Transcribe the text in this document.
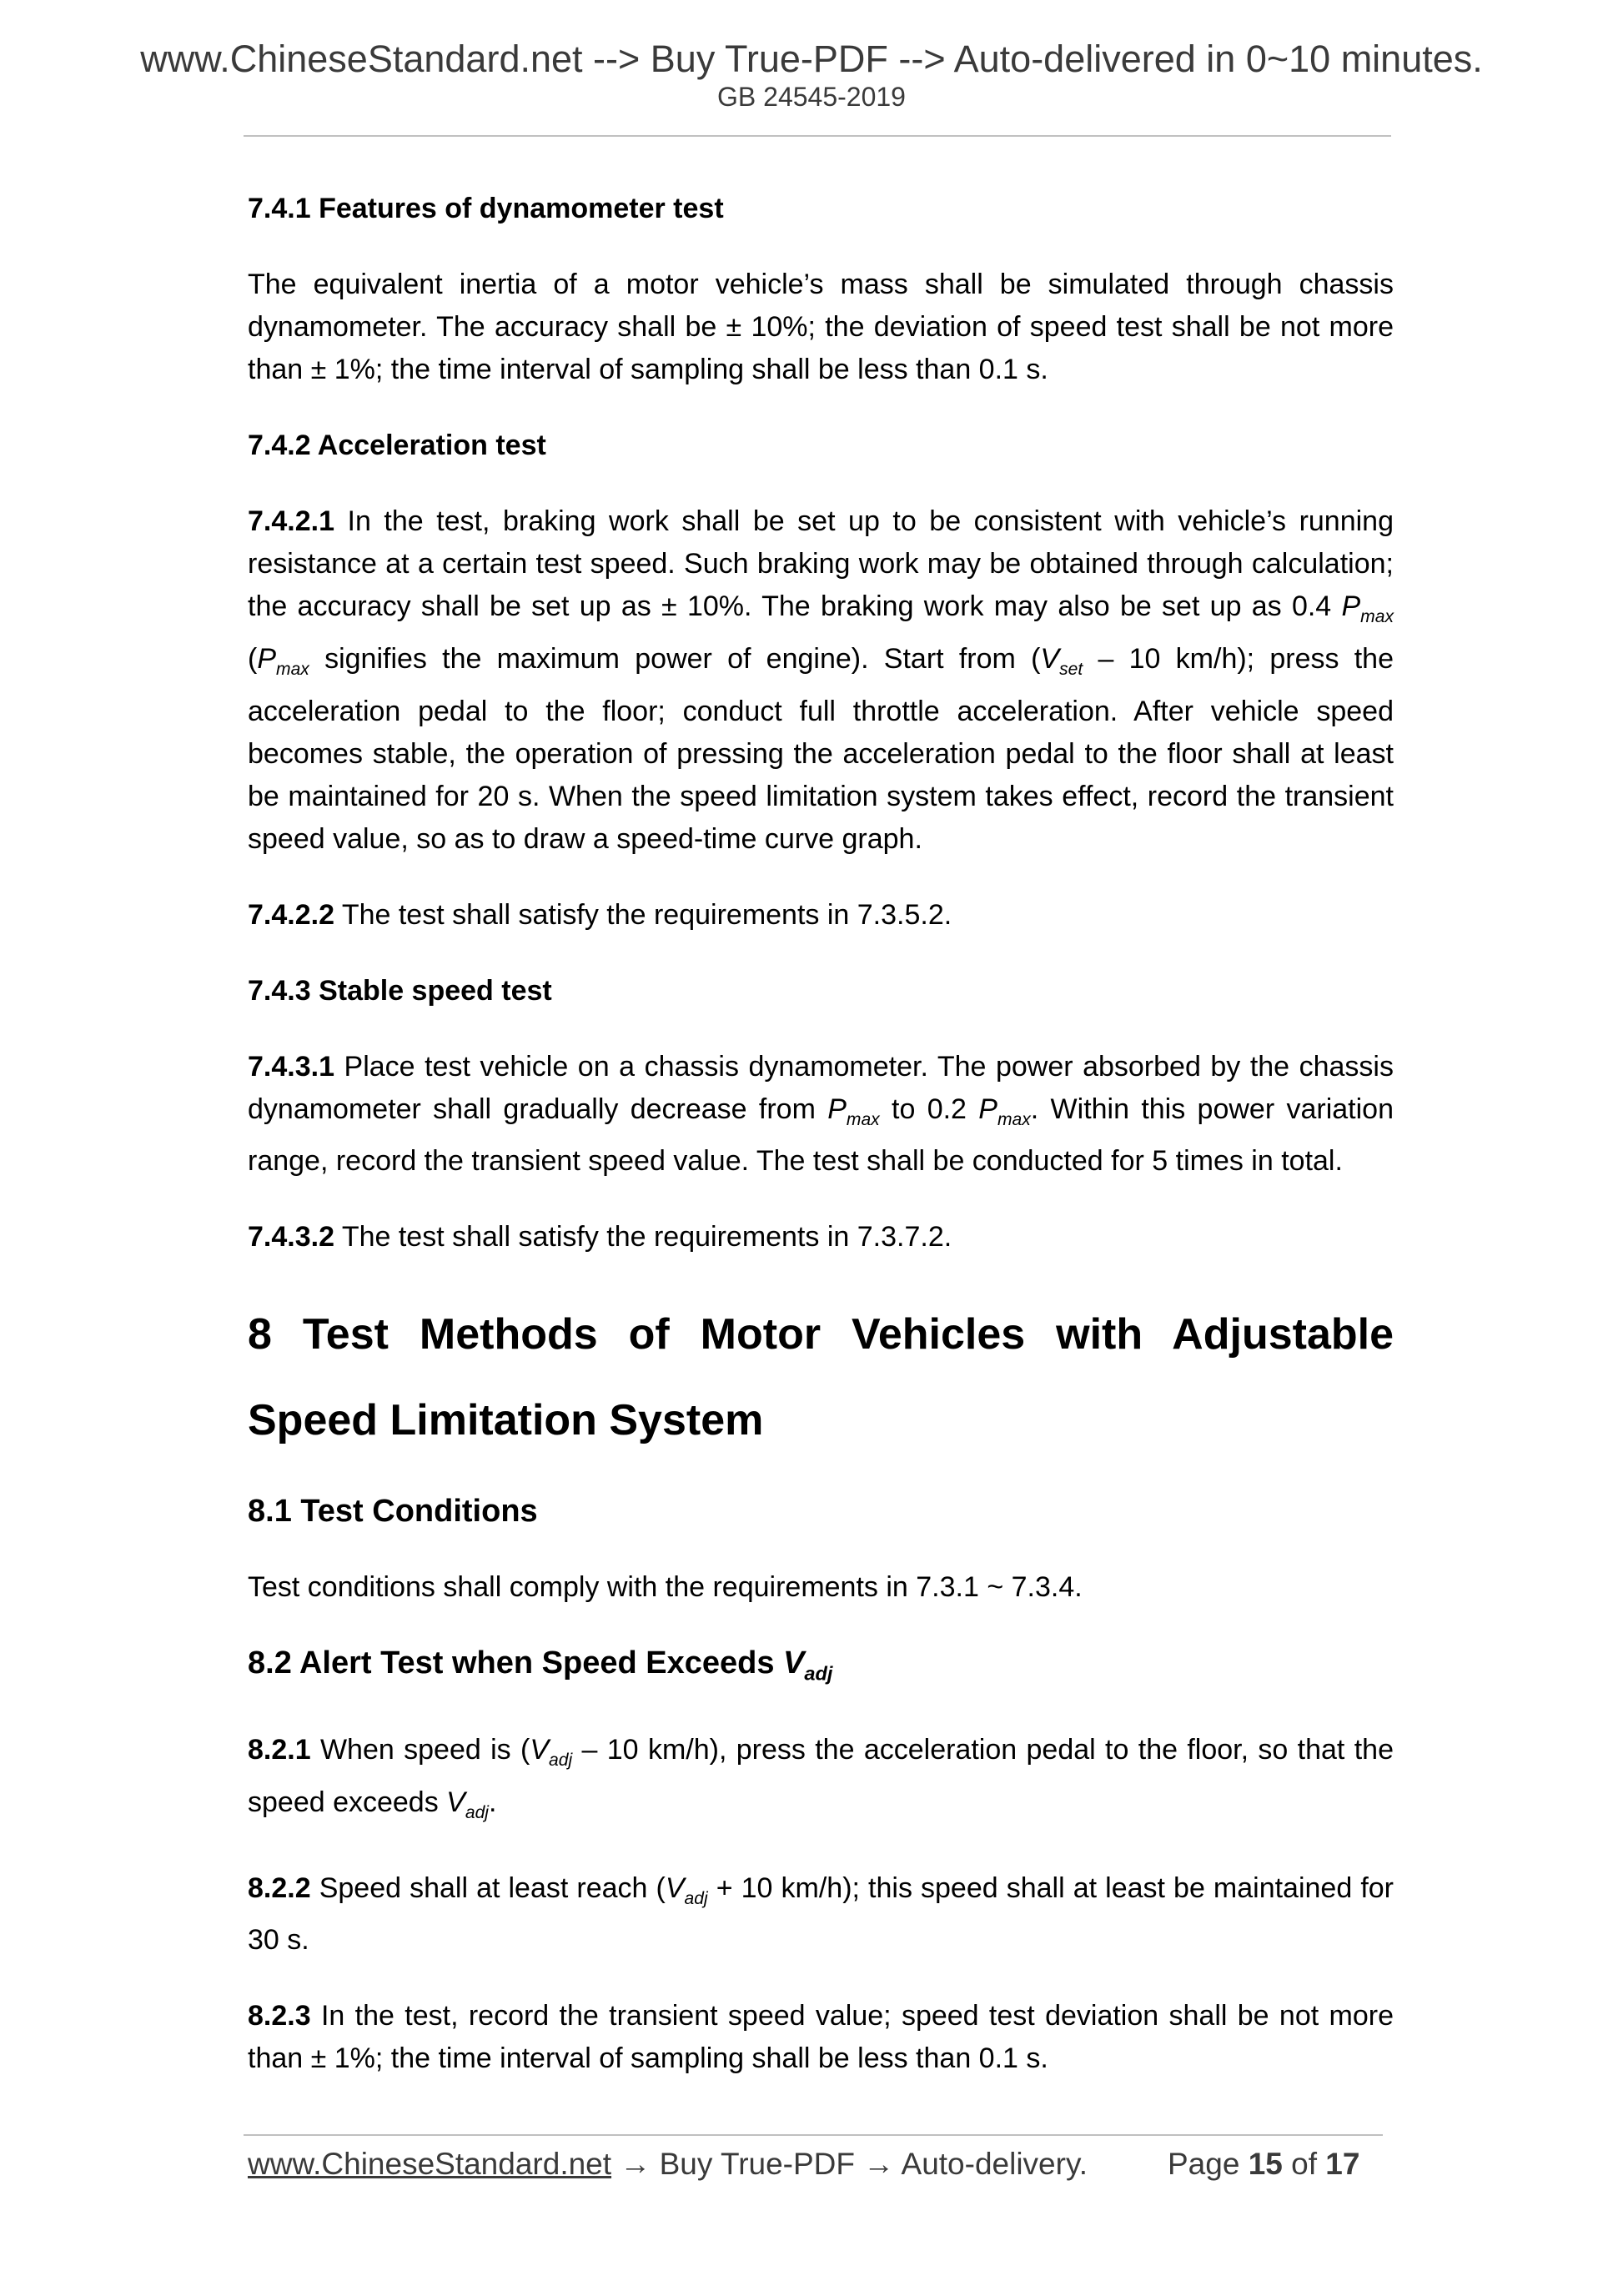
www.ChineseStandard.net --> Buy True-PDF --> Auto-delivered in 0~10 minutes.
GB 24545-2019
7.4.1 Features of dynamometer test
The equivalent inertia of a motor vehicle’s mass shall be simulated through chassis dynamometer. The accuracy shall be ± 10%; the deviation of speed test shall be not more than ± 1%; the time interval of sampling shall be less than 0.1 s.
7.4.2 Acceleration test
7.4.2.1 In the test, braking work shall be set up to be consistent with vehicle’s running resistance at a certain test speed. Such braking work may be obtained through calculation; the accuracy shall be set up as ± 10%. The braking work may also be set up as 0.4 $P_{max}$ ($P_{max}$ signifies the maximum power of engine). Start from ($V_{set} - 10$ km/h); press the acceleration pedal to the floor; conduct full throttle acceleration. After vehicle speed becomes stable, the operation of pressing the acceleration pedal to the floor shall at least be maintained for 20 s. When the speed limitation system takes effect, record the transient speed value, so as to draw a speed-time curve graph.
7.4.2.2 The test shall satisfy the requirements in 7.3.5.2.
7.4.3 Stable speed test
7.4.3.1 Place test vehicle on a chassis dynamometer. The power absorbed by the chassis dynamometer shall gradually decrease from $P_{max}$ to 0.2 $P_{max}$. Within this power variation range, record the transient speed value. The test shall be conducted for 5 times in total.
7.4.3.2 The test shall satisfy the requirements in 7.3.7.2.
8 Test Methods of Motor Vehicles with Adjustable Speed Limitation System
8.1 Test Conditions
Test conditions shall comply with the requirements in 7.3.1 ~ 7.3.4.
8.2 Alert Test when Speed Exceeds $V_{adj}$
8.2.1 When speed is ($V_{adj} - 10$ km/h), press the acceleration pedal to the floor, so that the speed exceeds $V_{adj}$.
8.2.2 Speed shall at least reach ($V_{adj} + 10$ km/h); this speed shall at least be maintained for 30 s.
8.2.3 In the test, record the transient speed value; speed test deviation shall be not more than ± 1%; the time interval of sampling shall be less than 0.1 s.
www.ChineseStandard.net → Buy True-PDF → Auto-delivery.	Page 15 of 17
